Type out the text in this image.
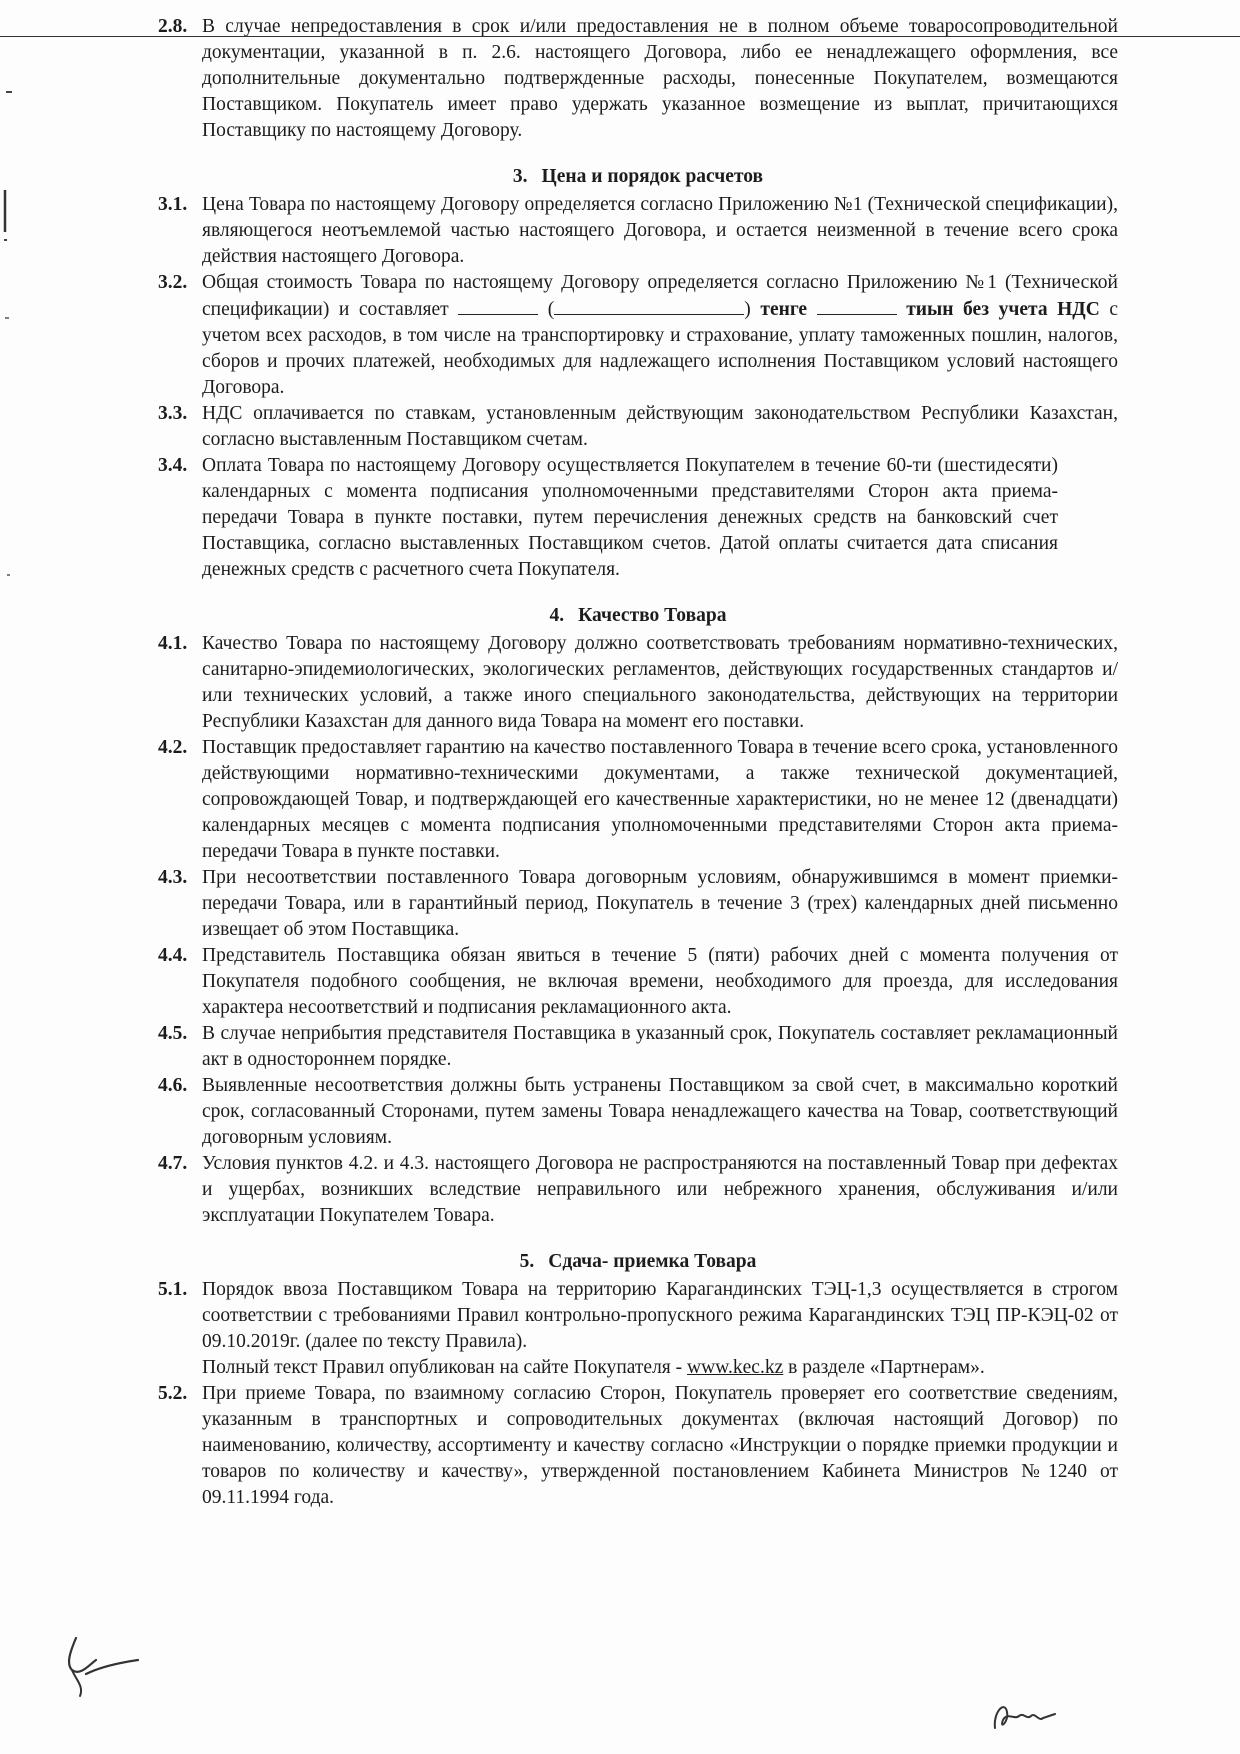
2.8. В случае непредоставления в срок и/или предоставления не в полном объеме товаросопроводительной документации, указанной в п. 2.6. настоящего Договора, либо ее ненадлежащего оформления, все дополнительные документально подтвержденные расходы, понесенные Покупателем, возмещаются Поставщиком. Покупатель имеет право удержать указанное возмещение из выплат, причитающихся Поставщику по настоящему Договору.

3. Цена и порядок расчетов

3.1. Цена Товара по настоящему Договору определяется согласно Приложению №1 (Технической спецификации), являющегося неотъемлемой частью настоящего Договора, и остается неизменной в течение всего срока действия настоящего Договора.

3.2. Общая стоимость Товара по настоящему Договору определяется согласно Приложению №1 (Технической спецификации) и составляет	(	) тенге	тиын без учета НДС с учетом всех расходов, в том числе на транспортировку и страхование, уплату таможенных пошлин, налогов, сборов и прочих платежей, необходимых для надлежащего исполнения Поставщиком условий настоящего Договора.

3.3. НДС оплачивается по ставкам, установленным действующим законодательством Республики Казахстан, согласно выставленным Поставщиком счетам.

3.4. Оплата Товара по настоящему Договору осуществляется Покупателем в течение 60-ти (шестидесяти) календарных с момента подписания уполномоченными представителями Сторон акта приема-передачи Товара в пункте поставки, путем перечисления денежных средств на банковский счет Поставщика, согласно выставленных Поставщиком счетов. Датой оплаты считается дата списания денежных средств с расчетного счета Покупателя.

4. Качество Товара

4.1. Качество Товара по настоящему Договору должно соответствовать требованиям нормативно-технических, санитарно-эпидемиологических, экологических регламентов, действующих государственных стандартов и/или технических условий, а также иного специального законодательства, действующих на территории Республики Казахстан для данного вида Товара на момент его поставки.

4.2. Поставщик предоставляет гарантию на качество поставленного Товара в течение всего срока, установленного действующими нормативно-техническими документами, а также технической документацией, сопровождающей Товар, и подтверждающей его качественные характеристики, но не менее 12 (двенадцати) календарных месяцев с момента подписания уполномоченными представителями Сторон акта приема-передачи Товара в пункте поставки.

4.3. При несоответствии поставленного Товара договорным условиям, обнаружившимся в момент приемки-передачи Товара, или в гарантийный период, Покупатель в течение 3 (трех) календарных дней письменно извещает об этом Поставщика.

4.4. Представитель Поставщика обязан явиться в течение 5 (пяти) рабочих дней с момента получения от Покупателя подобного сообщения, не включая времени, необходимого для проезда, для исследования характера несоответствий и подписания рекламационного акта.

4.5. В случае неприбытия представителя Поставщика в указанный срок, Покупатель составляет рекламационный акт в одностороннем порядке.

4.6. Выявленные несоответствия должны быть устранены Поставщиком за свой счет, в максимально короткий срок, согласованный Сторонами, путем замены Товара ненадлежащего качества на Товар, соответствующий договорным условиям.

4.7. Условия пунктов 4.2. и 4.3. настоящего Договора не распространяются на поставленный Товар при дефектах и ущербах, возникших вследствие неправильного или небрежного хранения, обслуживания и/или эксплуатации Покупателем Товара.

5. Сдача- приемка Товара

5.1. Порядок ввоза Поставщиком Товара на территорию Карагандинских ТЭЦ-1,3 осуществляется в строгом соответствии с требованиями Правил контрольно-пропускного режима Карагандинских ТЭЦ ПР-КЭЦ-02 от 09.10.2019г. (далее по тексту Правила).
Полный текст Правил опубликован на сайте Покупателя - www.kec.kz в разделе «Партнерам».

5.2. При приеме Товара, по взаимному согласию Сторон, Покупатель проверяет его соответствие сведениям, указанным в транспортных и сопроводительных документах (включая настоящий Договор) по наименованию, количеству, ассортименту и качеству согласно «Инструкции о порядке приемки продукции и товаров по количеству и качеству», утвержденной постановлением Кабинета Министров №1240 от 09.11.1994 года.
